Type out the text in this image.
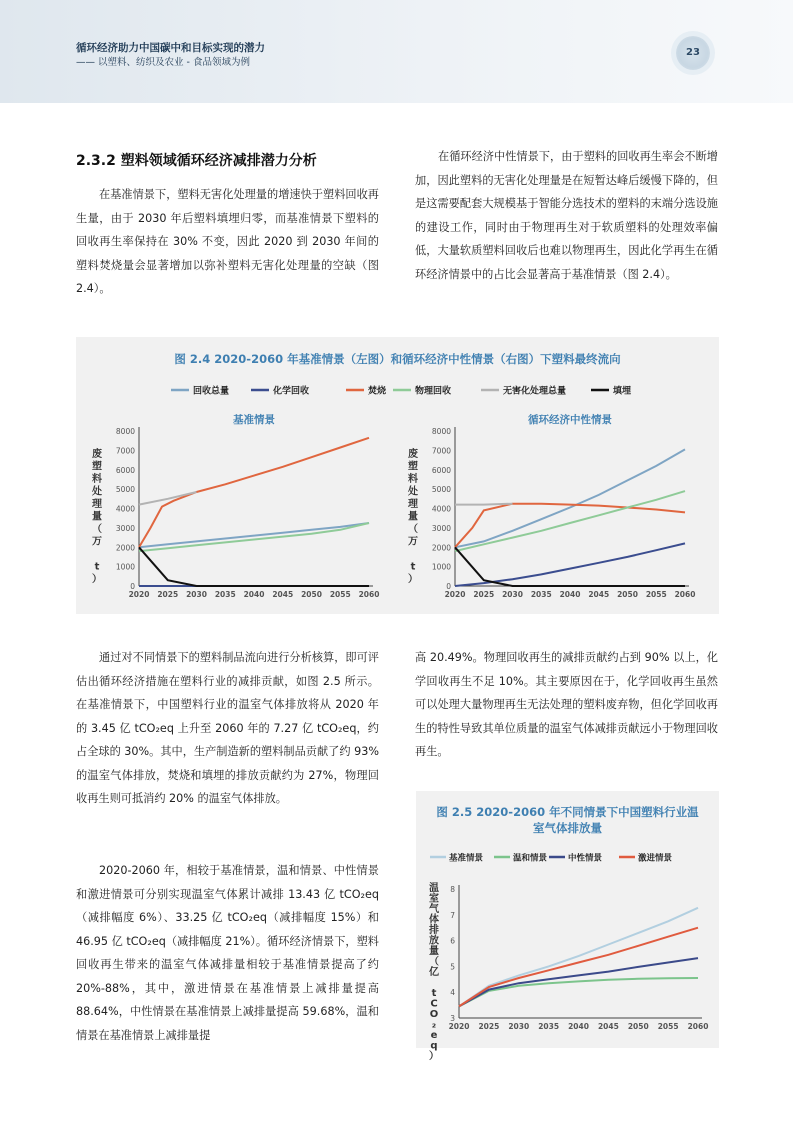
循环经济助力中国碳中和目标实现的潜力
—— 以塑料、纺织及农业 - 食品领域为例
23
2.3.2 塑料领域循环经济减排潜力分析
在基准情景下，塑料无害化处理量的增速快于塑料回收再生量，由于 2030 年后塑料填埋归零，而基准情景下塑料的回收再生率保持在 30% 不变，因此 2020 到 2030 年间的塑料焚烧量会显著增加以弥补塑料无害化处理量的空缺（图 2.4）。
在循环经济中性情景下，由于塑料的回收再生率会不断增加，因此塑料的无害化处理量是在短暂达峰后缓慢下降的，但是这需要配套大规模基于智能分选技术的塑料的末端分选设施的建设工作，同时由于物理再生对于软质塑料的处理效率偏低，大量软质塑料回收后也难以物理再生，因此化学再生在循环经济情景中的占比会显著高于基准情景（图 2.4）。
图 2.4 2020-2060 年基准情景（左图）和循环经济中性情景（右图）下塑料最终流向
回收总量	化学回收	焚烧	物理回收	无害化处理总量	填埋
基准情景
0
1000
2000
3000
4000
5000
6000
7000
8000
2020 2025 2030 2035 2040 2045 2050 2055 2060
废塑料处理量（万 t ）
循环经济中性情景
0
1000
2000
3000
4000
5000
6000
7000
8000
2020 2025 2030 2035 2040 2045 2050 2055 2060
废塑料处理量（万 t ）
通过对不同情景下的塑料制品流向进行分析核算，即可评估出循环经济措施在塑料行业的减排贡献，如图 2.5 所示。在基准情景下，中国塑料行业的温室气体排放将从 2020 年的 3.45 亿 tCO₂eq 上升至 2060 年的 7.27 亿 tCO₂eq，约占全球的 30%。其中，生产制造新的塑料制品贡献了约 93% 的温室气体排放，焚烧和填埋的排放贡献约为 27%，物理回收再生则可抵消约 20% 的温室气体排放。
2020-2060 年，相较于基准情景，温和情景、中性情景和激进情景可分别实现温室气体累计减排 13.43 亿 tCO₂eq（减排幅度 6%）、33.25 亿 tCO₂eq（减排幅度 15%）和 46.95 亿 tCO₂eq（减排幅度 21%）。循环经济情景下，塑料回收再生带来的温室气体减排量相较于基准情景提高了约 20%-88%，其中，激进情景在基准情景上减排量提高 88.64%，中性情景在基准情景上减排量提高 59.68%，温和情景在基准情景上减排量提
高 20.49%。物理回收再生的减排贡献约占到 90% 以上，化学回收再生不足 10%。其主要原因在于，化学回收再生虽然可以处理大量物理再生无法处理的塑料废弃物，但化学回收再生的特性导致其单位质量的温室气体减排贡献远小于物理回收再生。
图 2.5 2020-2060 年不同情景下中国塑料行业温室气体排放量
基准情景	温和情景 中性情景	激进情景
3
4
5
6
7
8
2020 2025 2030 2035 2040 2045 2050 2055 2060
温室气体排放量（亿 t C O ₂ e q ）
